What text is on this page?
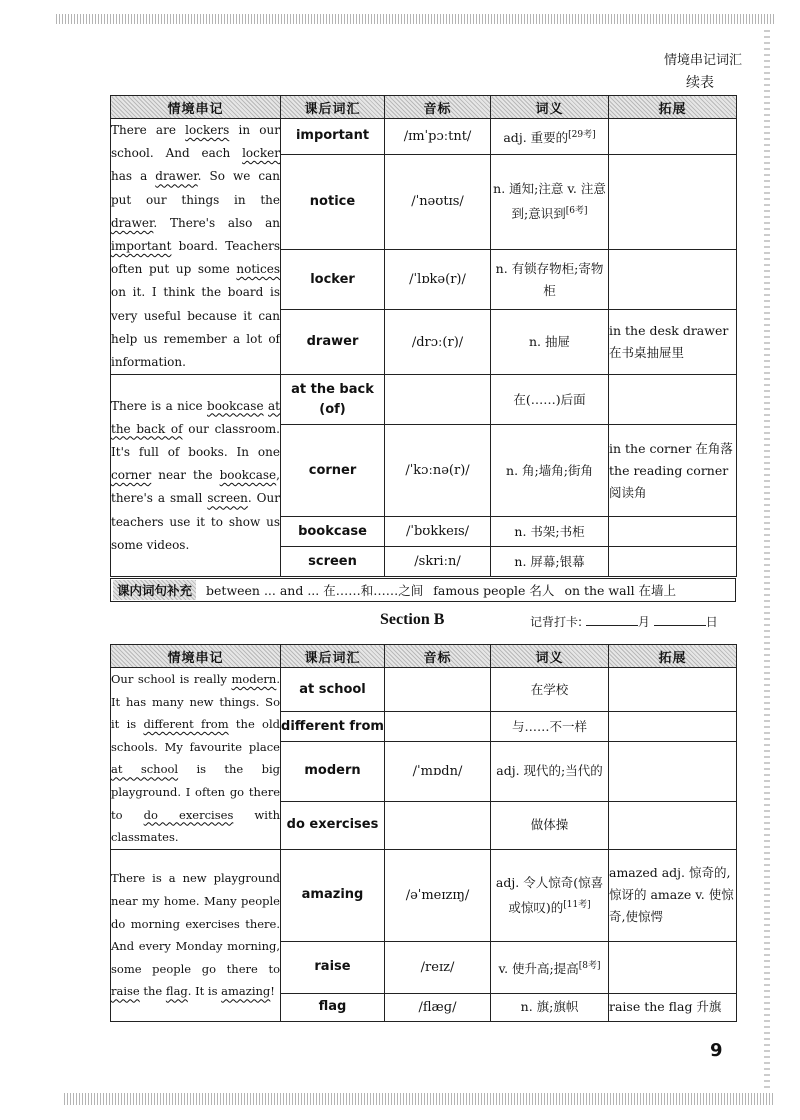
情境串记词汇
续表
情境串记	课后词汇	音标	词义	拓展
There are lockers in our school. And each locker has a drawer. So we can put our things in the drawer. There's also an important board. Teachers often put up some notices on it. I think the board is very useful because it can help us remember a lot of information.	important	/ɪmˈpɔːtnt/	adj. 重要的[29考]	
	notice	/ˈnəʊtɪs/	n. 通知;注意 v. 注意到;意识到[6考]	
	locker	/ˈlɒkə(r)/	n. 有锁存物柜;寄物柜	
	drawer	/drɔː(r)/	n. 抽屉	in the desk drawer 在书桌抽屉里
There is a nice bookcase at the back of our classroom. It's full of books. In one corner near the bookcase, there's a small screen. Our teachers use it to show us some videos.	at the back (of)		在(……)后面	
	corner	/ˈkɔːnə(r)/	n. 角;墙角;街角	in the corner 在角落 the reading corner 阅读角
	bookcase	/ˈbʊkkeɪs/	n. 书架;书柜	
	screen	/skriːn/	n. 屏幕;银幕	
课内词句补充	between ... and ... 在……和……之间 famous people 名人 on the wall 在墙上
Section B	记背打卡:	月	日
情境串记	课后词汇	音标	词义	拓展
Our school is really modern. It has many new things. So it is different from the old schools. My favourite place at school is the big playground. I often go there to do exercises with classmates.	at school		在学校	
	different from		与……不一样	
	modern	/ˈmɒdn/	adj. 现代的;当代的	
	do exercises		做体操	
There is a new playground near my home. Many people do morning exercises there. And every Monday morning, some people go there to raise the flag. It is amazing!	amazing	/əˈmeɪzɪŋ/	adj. 令人惊奇(惊喜或惊叹)的[11考]	amazed adj. 惊奇的,惊讶的 amaze v. 使惊奇,使惊愕
	raise	/reɪz/	v. 使升高;提高[8考]	
	flag	/flæɡ/	n. 旗;旗帜	raise the flag 升旗
9
